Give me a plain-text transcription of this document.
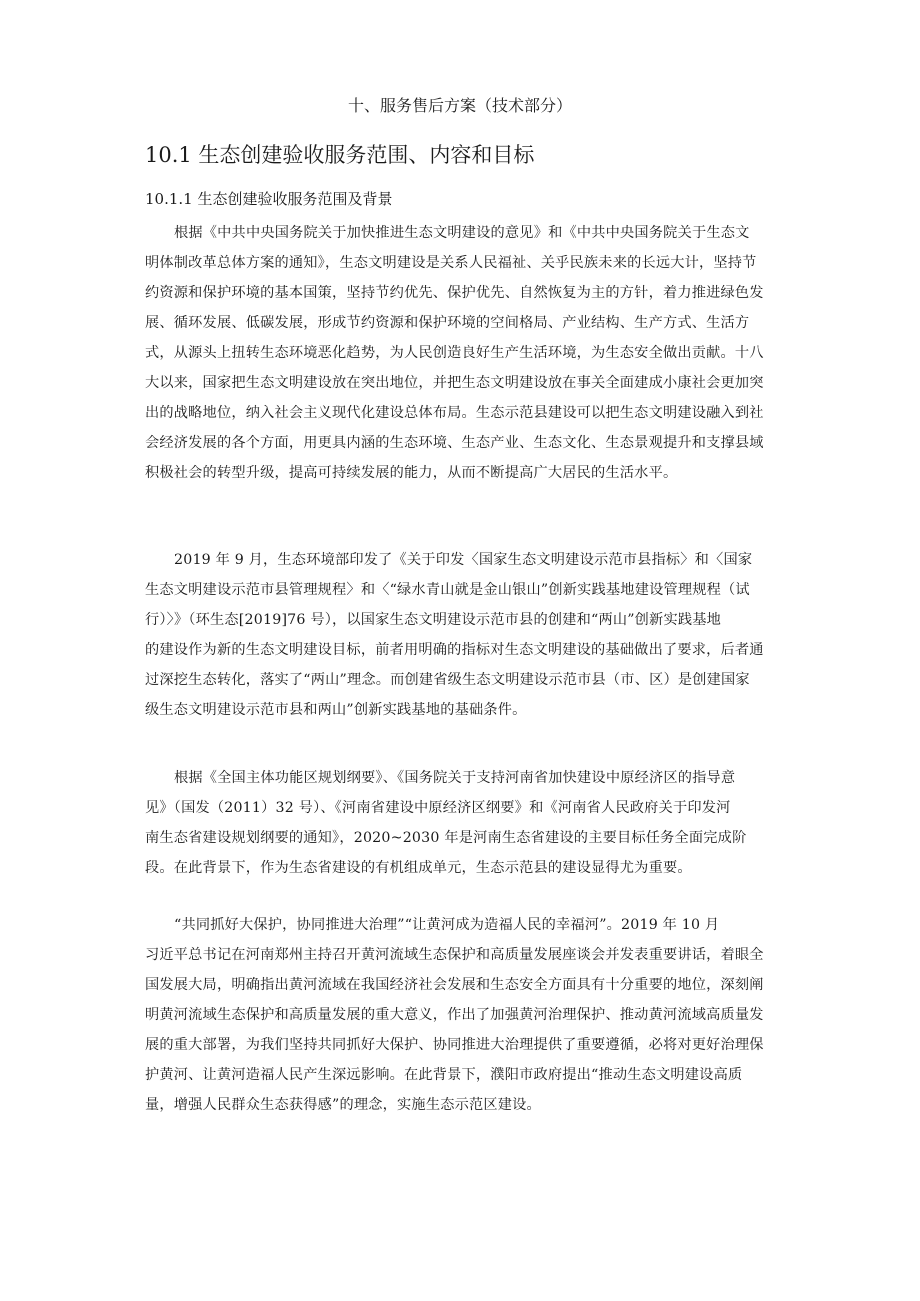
十、服务售后方案（技术部分）
10.1 生态创建验收服务范围、内容和目标
10.1.1 生态创建验收服务范围及背景
根据《中共中央国务院关于加快推进生态文明建设的意见》和《中共中央国务院关于生态文
明体制改革总体方案的通知》，生态文明建设是关系人民福祉、关乎民族未来的长远大计，坚持节
约资源和保护环境的基本国策，坚持节约优先、保护优先、自然恢复为主的方针，着力推进绿色发
展、循环发展、低碳发展，形成节约资源和保护环境的空间格局、产业结构、生产方式、生活方
式，从源头上扭转生态环境恶化趋势，为人民创造良好生产生活环境，为生态安全做出贡献。十八
大以来，国家把生态文明建设放在突出地位，并把生态文明建设放在事关全面建成小康社会更加突
出的战略地位，纳入社会主义现代化建设总体布局。生态示范县建设可以把生态文明建设融入到社
会经济发展的各个方面，用更具内涵的生态环境、生态产业、生态文化、生态景观提升和支撑县域
积极社会的转型升级，提高可持续发展的能力，从而不断提高广大居民的生活水平。
2019 年 9 月，生态环境部印发了《关于印发〈国家生态文明建设示范市县指标〉和〈国家
生态文明建设示范市县管理规程〉和〈“绿水青山就是金山银山”创新实践基地建设管理规程（试
行）〉》（环生态[2019]76 号），以国家生态文明建设示范市县的创建和“两山”创新实践基地
的建设作为新的生态文明建设目标，前者用明确的指标对生态文明建设的基础做出了要求，后者通
过深挖生态转化，落实了“两山”理念。而创建省级生态文明建设示范市县（市、区）是创建国家
级生态文明建设示范市县和两山”创新实践基地的基础条件。
根据《全国主体功能区规划纲要》、《国务院关于支持河南省加快建设中原经济区的指导意
见》（国发（2011）32 号）、《河南省建设中原经济区纲要》和《河南省人民政府关于印发河
南生态省建设规划纲要的通知》，2020~2030 年是河南生态省建设的主要目标任务全面完成阶
段。在此背景下，作为生态省建设的有机组成单元，生态示范县的建设显得尤为重要。
“共同抓好大保护，协同推进大治理”“让黄河成为造福人民的幸福河”。2019 年 10 月
习近平总书记在河南郑州主持召开黄河流域生态保护和高质量发展座谈会并发表重要讲话，着眼全
国发展大局，明确指出黄河流域在我国经济社会发展和生态安全方面具有十分重要的地位，深刻阐
明黄河流域生态保护和高质量发展的重大意义，作出了加强黄河治理保护、推动黄河流域高质量发
展的重大部署，为我们坚持共同抓好大保护、协同推进大治理提供了重要遵循，必将对更好治理保
护黄河、让黄河造福人民产生深远影响。在此背景下，濮阳市政府提出“推动生态文明建设高质
量，增强人民群众生态获得感”的理念，实施生态示范区建设。
